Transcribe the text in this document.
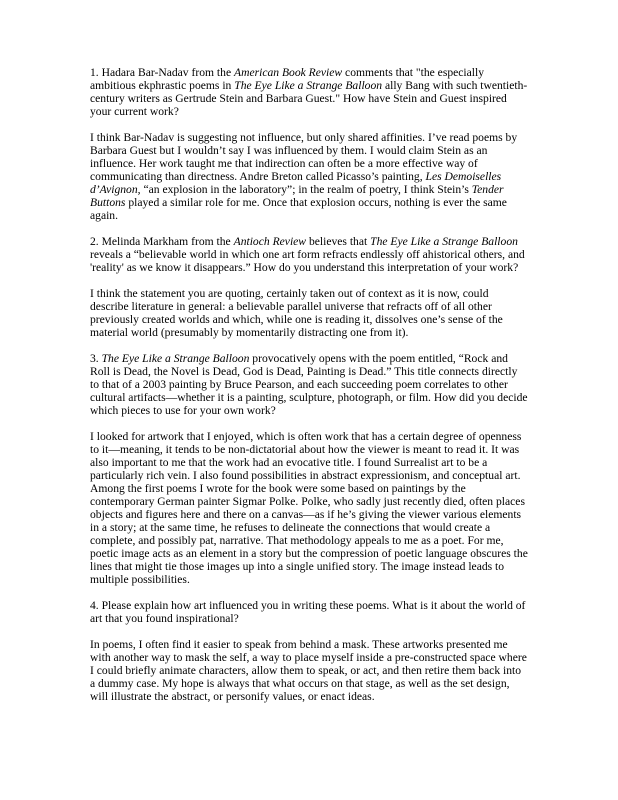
1. Hadara Bar-Nadav from the American Book Review comments that "the especially ambitious ekphrastic poems in The Eye Like a Strange Balloon ally Bang with such twentieth-century writers as Gertrude Stein and Barbara Guest." How have Stein and Guest inspired your current work?

I think Bar-Nadav is suggesting not influence, but only shared affinities. I’ve read poems by Barbara Guest but I wouldn’t say I was influenced by them. I would claim Stein as an influence. Her work taught me that indirection can often be a more effective way of communicating than directness. Andre Breton called Picasso’s painting, Les Demoiselles d’Avignon, “an explosion in the laboratory”; in the realm of poetry, I think Stein’s Tender Buttons played a similar role for me. Once that explosion occurs, nothing is ever the same again.

2. Melinda Markham from the Antioch Review believes that The Eye Like a Strange Balloon reveals a “believable world in which one art form refracts endlessly off ahistorical others, and 'reality' as we know it disappears.” How do you understand this interpretation of your work?

I think the statement you are quoting, certainly taken out of context as it is now, could describe literature in general: a believable parallel universe that refracts off of all other previously created worlds and which, while one is reading it, dissolves one’s sense of the material world (presumably by momentarily distracting one from it).

3. The Eye Like a Strange Balloon provocatively opens with the poem entitled, “Rock and Roll is Dead, the Novel is Dead, God is Dead, Painting is Dead.” This title connects directly to that of a 2003 painting by Bruce Pearson, and each succeeding poem correlates to other cultural artifacts—whether it is a painting, sculpture, photograph, or film. How did you decide which pieces to use for your own work?

I looked for artwork that I enjoyed, which is often work that has a certain degree of openness to it—meaning, it tends to be non-dictatorial about how the viewer is meant to read it. It was also important to me that the work had an evocative title. I found Surrealist art to be a particularly rich vein. I also found possibilities in abstract expressionism, and conceptual art. Among the first poems I wrote for the book were some based on paintings by the contemporary German painter Sigmar Polke. Polke, who sadly just recently died, often places objects and figures here and there on a canvas—as if he’s giving the viewer various elements in a story; at the same time, he refuses to delineate the connections that would create a complete, and possibly pat, narrative. That methodology appeals to me as a poet. For me, poetic image acts as an element in a story but the compression of poetic language obscures the lines that might tie those images up into a single unified story. The image instead leads to multiple possibilities.

4. Please explain how art influenced you in writing these poems. What is it about the world of art that you found inspirational?

In poems, I often find it easier to speak from behind a mask. These artworks presented me with another way to mask the self, a way to place myself inside a pre-constructed space where I could briefly animate characters, allow them to speak, or act, and then retire them back into a dummy case. My hope is always that what occurs on that stage, as well as the set design, will illustrate the abstract, or personify values, or enact ideas.
